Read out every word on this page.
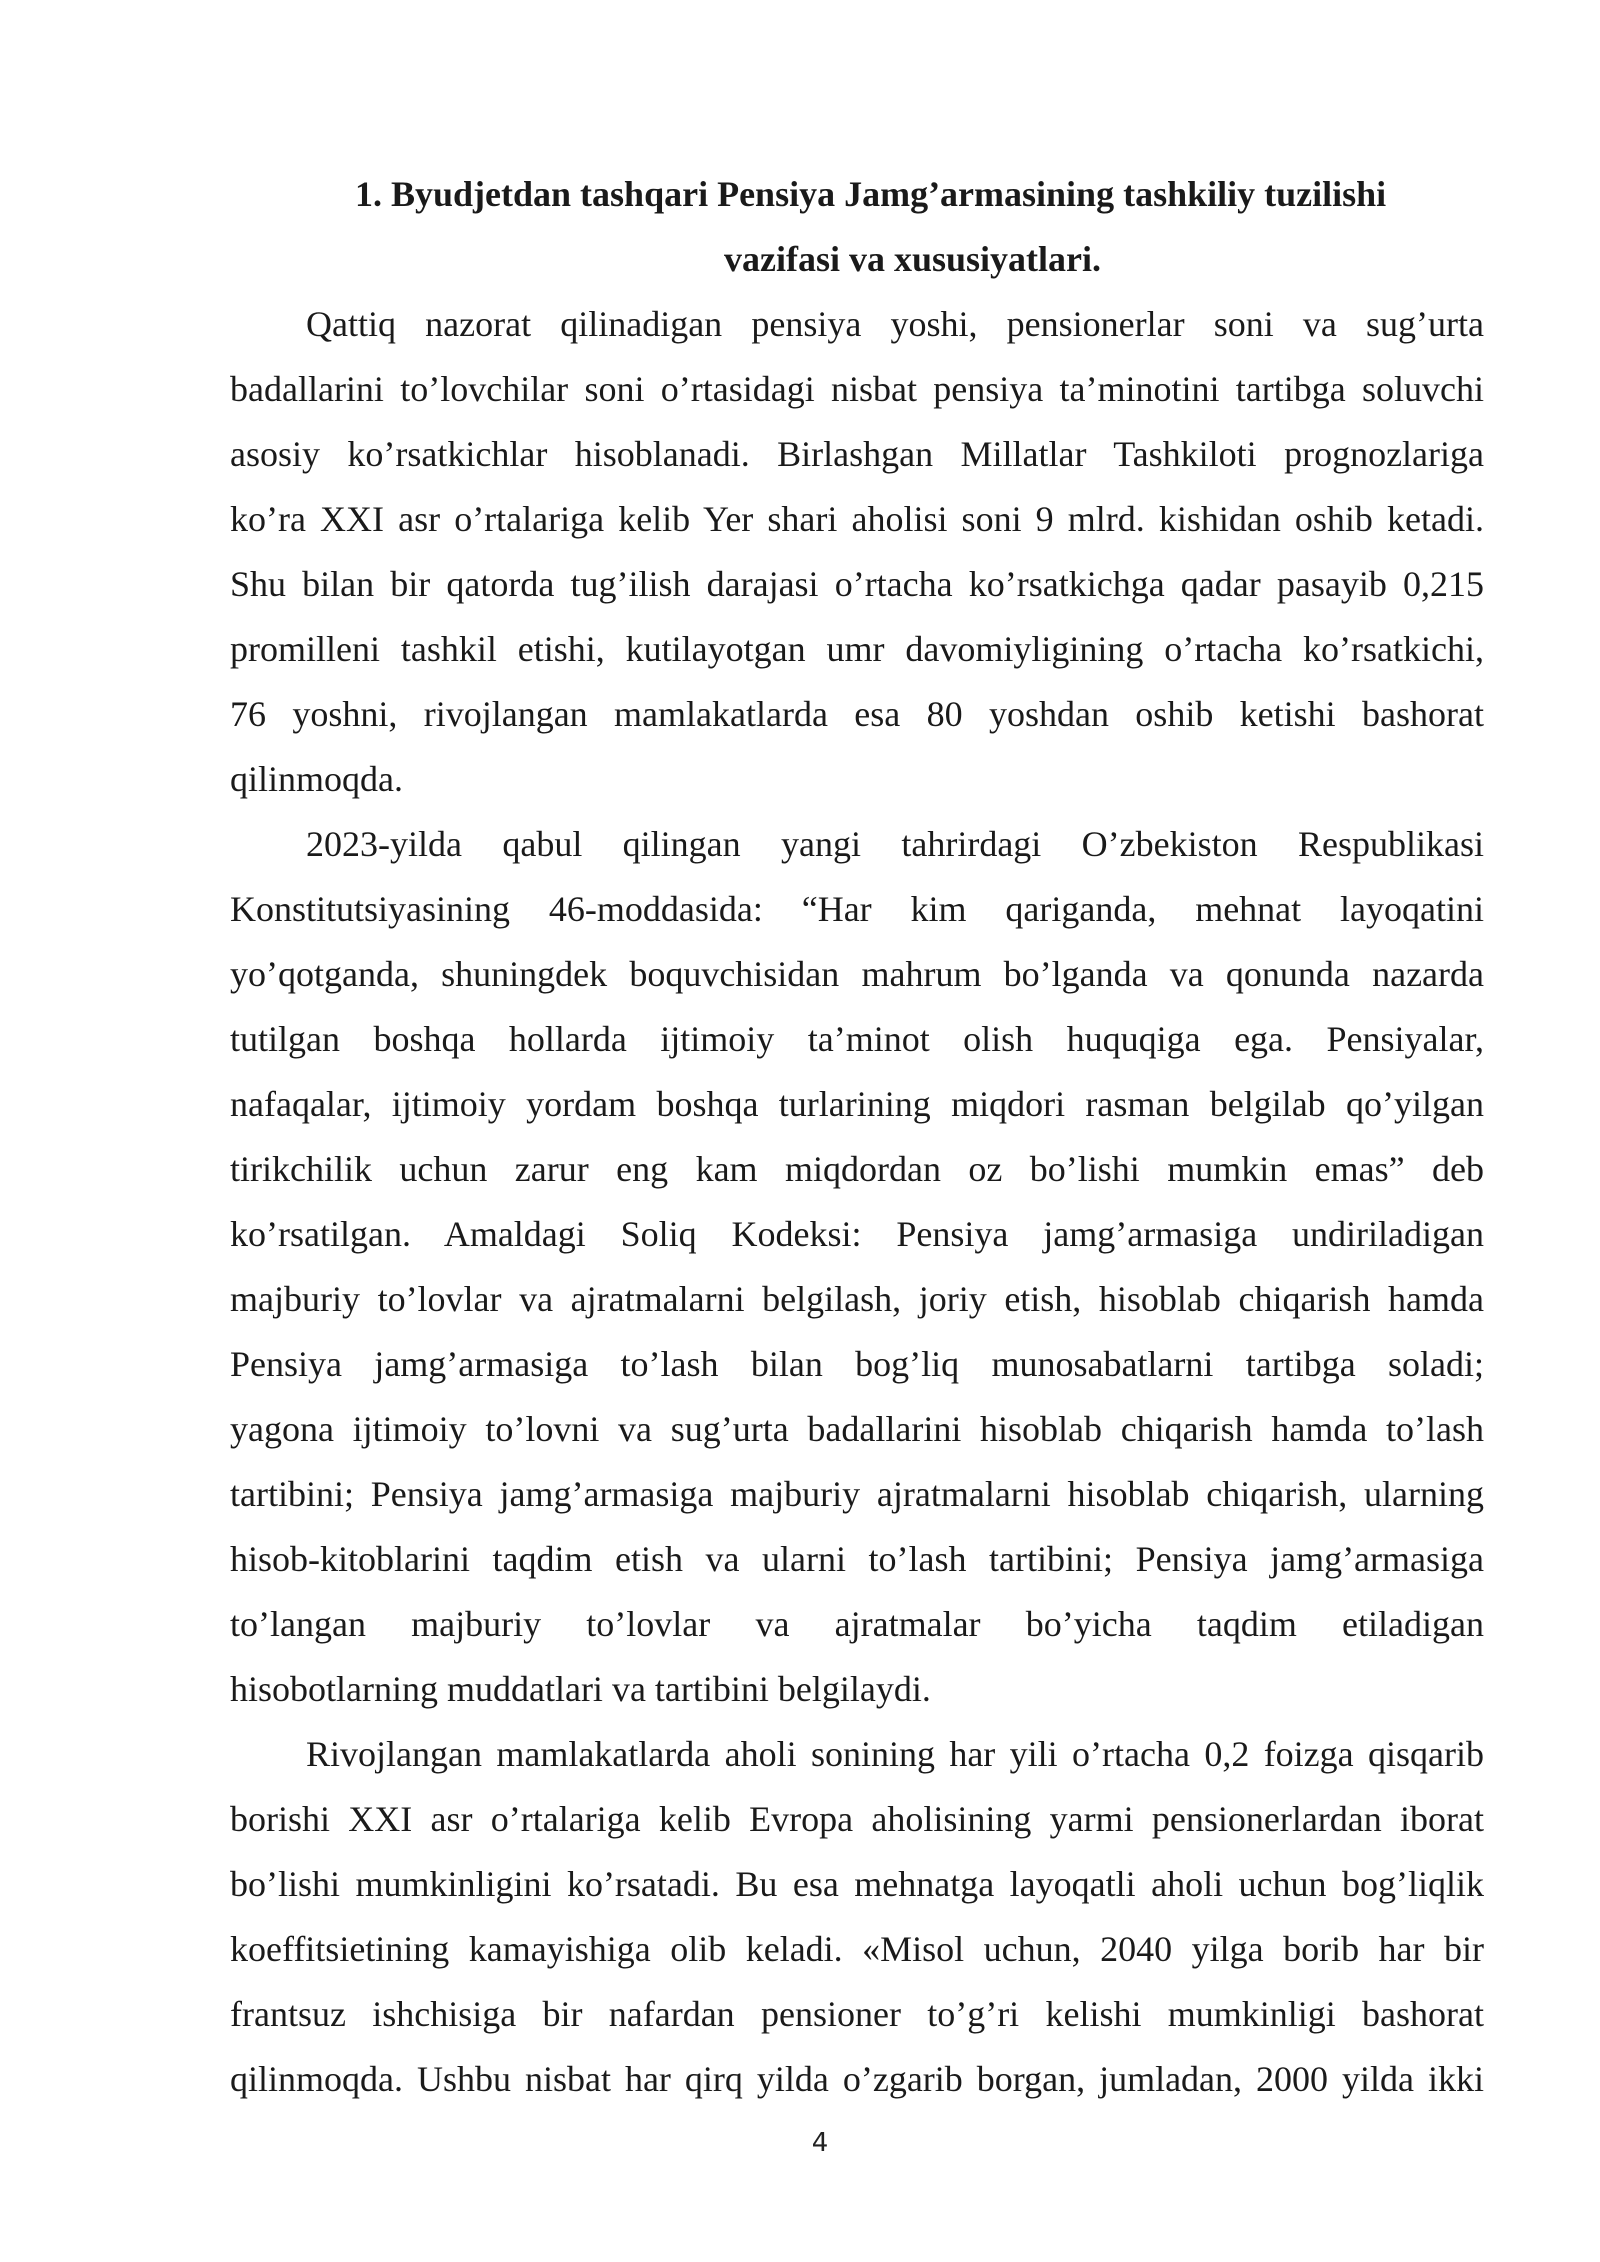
1. Byudjetdan tashqari Pensiya Jamg’armasining tashkiliy tuzilishi
vazifasi va xususiyatlari.
Qattiq nazorat qilinadigan pensiya yoshi, pensionerlar soni va sug’urta
badallarini to’lovchilar soni o’rtasidagi nisbat pensiya ta’minotini tartibga soluvchi
asosiy ko’rsatkichlar hisoblanadi. Birlashgan Millatlar Tashkiloti prognozlariga
ko’ra XXI asr o’rtalariga kelib Yer shari aholisi soni 9 mlrd. kishidan oshib ketadi.
Shu bilan bir qatorda tug’ilish darajasi o’rtacha ko’rsatkichga qadar pasayib 0,215
promilleni tashkil etishi, kutilayotgan umr davomiyligining o’rtacha ko’rsatkichi,
76 yoshni, rivojlangan mamlakatlarda esa 80 yoshdan oshib ketishi bashorat
qilinmoqda.
2023-yilda qabul qilingan yangi tahrirdagi O’zbekiston Respublikasi
Konstitutsiyasining 46-moddasida: “Har kim qariganda, mehnat layoqatini
yo’qotganda, shuningdek boquvchisidan mahrum bo’lganda va qonunda nazarda
tutilgan boshqa hollarda ijtimoiy ta’minot olish huquqiga ega. Pensiyalar,
nafaqalar, ijtimoiy yordam boshqa turlarining miqdori rasman belgilab qo’yilgan
tirikchilik uchun zarur eng kam miqdordan oz bo’lishi mumkin emas” deb
ko’rsatilgan. Amaldagi Soliq Kodeksi: Pensiya jamg’armasiga undiriladigan
majburiy to’lovlar va ajratmalarni belgilash, joriy etish, hisoblab chiqarish hamda
Pensiya jamg’armasiga to’lash bilan bog’liq munosabatlarni tartibga soladi;
yagona ijtimoiy to’lovni va sug’urta badallarini hisoblab chiqarish hamda to’lash
tartibini; Pensiya jamg’armasiga majburiy ajratmalarni hisoblab chiqarish, ularning
hisob-kitoblarini taqdim etish va ularni to’lash tartibini; Pensiya jamg’armasiga
to’langan majburiy to’lovlar va ajratmalar bo’yicha taqdim etiladigan
hisobotlarning muddatlari va tartibini belgilaydi.
Rivojlangan mamlakatlarda aholi sonining har yili o’rtacha 0,2 foizga qisqarib
borishi XXI asr o’rtalariga kelib Evropa aholisining yarmi pensionerlardan iborat
bo’lishi mumkinligini ko’rsatadi. Bu esa mehnatga layoqatli aholi uchun bog’liqlik
koeffitsietining kamayishiga olib keladi. «Misol uchun, 2040 yilga borib har bir
frantsuz ishchisiga bir nafardan pensioner to’g’ri kelishi mumkinligi bashorat
qilinmoqda. Ushbu nisbat har qirq yilda o’zgarib borgan, jumladan, 2000 yilda ikki
4
